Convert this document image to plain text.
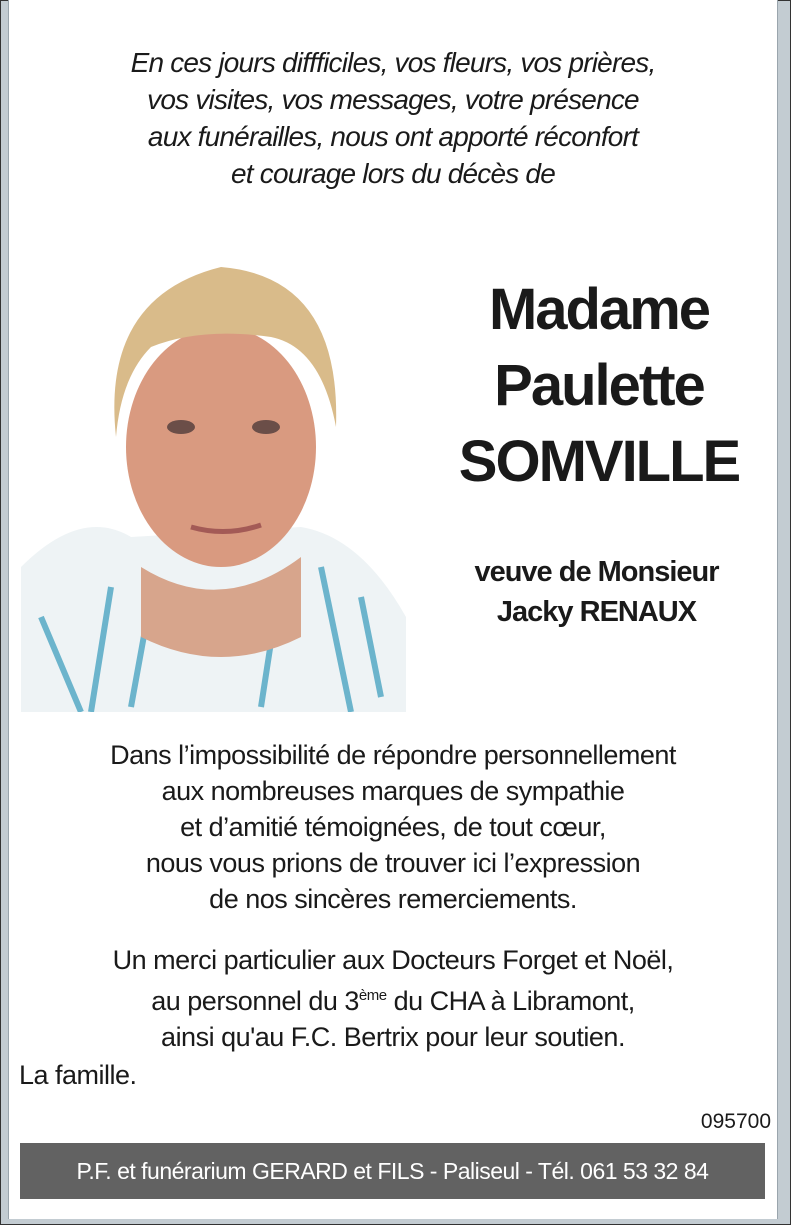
En ces jours diffficiles, vos fleurs, vos prières,
vos visites, vos messages, votre présence
aux funérailles, nous ont apporté réconfort
et courage lors du décès de
Madame
Paulette
SOMVILLE
veuve de Monsieur
Jacky RENAUX
Dans l’impossibilité de répondre personnellement
aux nombreuses marques de sympathie
et d’amitié témoignées, de tout cœur,
nous vous prions de trouver ici l’expression
de nos sincères remerciements.
Un merci particulier aux Docteurs Forget et Noël,
au personnel du 3ème du CHA à Libramont,
ainsi qu'au F.C. Bertrix pour leur soutien.
La famille.
095700
P.F. et funérarium GERARD et FILS - Paliseul - Tél. 061 53 32 84
